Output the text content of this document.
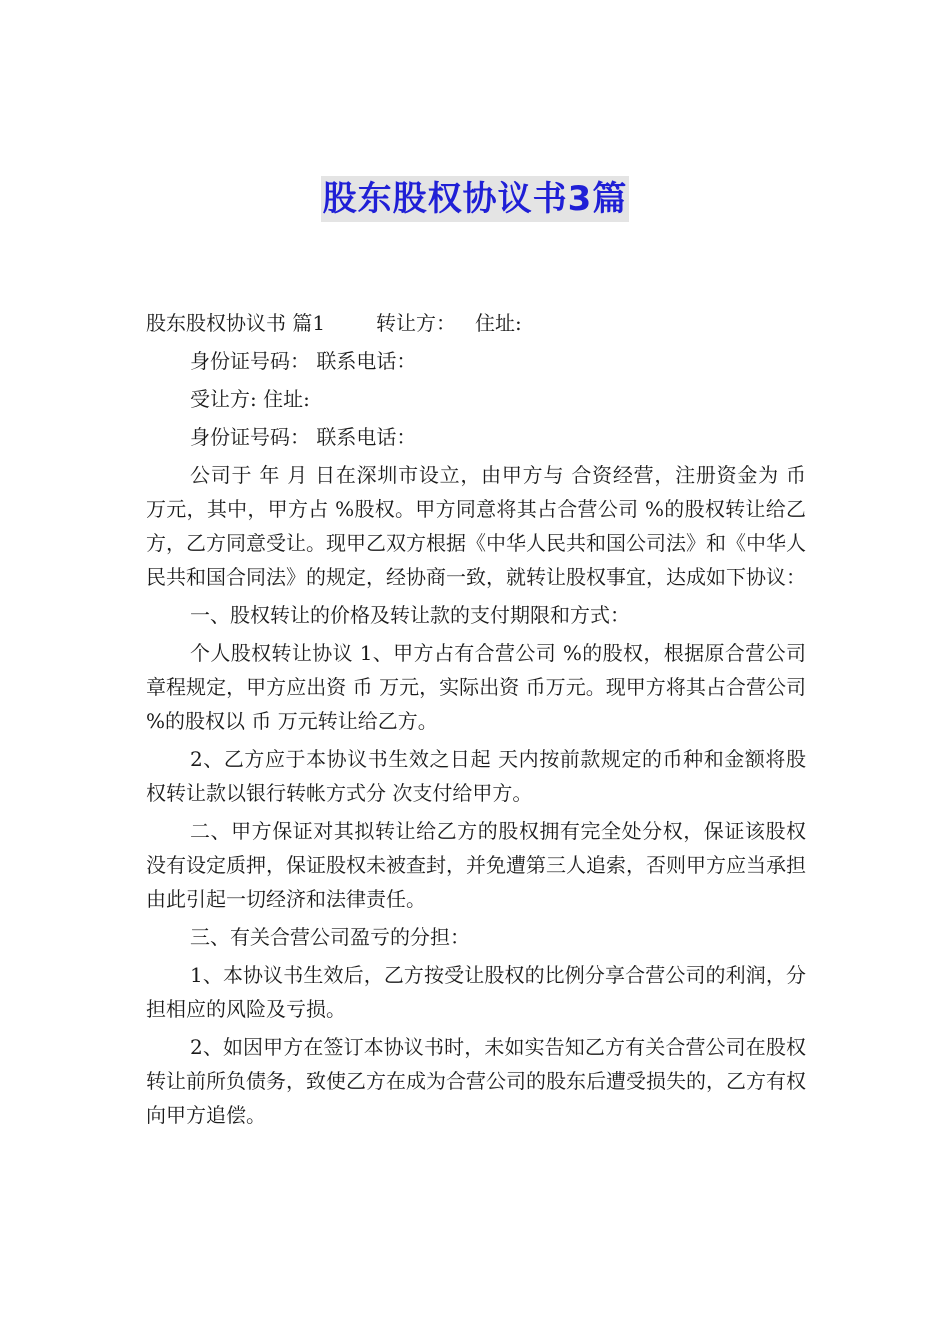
股东股权协议书3篇
股东股权协议书 篇1	转让方： 住址:
身份证号码： 联系电话：
受让方: 住址:
身份证号码： 联系电话：

公司于 年 月 日在深圳市设立，由甲方与 合资经营，注册资金为 币 万元，其中，甲方占 %股权。甲方同意将其占合营公司 %的股权转让给乙方，乙方同意受让。现甲乙双方根据《中华人民共和国公司法》和《中华人民共和国合同法》的规定，经协商一致，就转让股权事宜，达成如下协议：

一、股权转让的价格及转让款的支付期限和方式：

个人股权转让协议 1、甲方占有合营公司 %的股权，根据原合营公司章程规定，甲方应出资 币 万元，实际出资 币万元。现甲方将其占合营公司 %的股权以 币 万元转让给乙方。

2、乙方应于本协议书生效之日起 天内按前款规定的币种和金额将股权转让款以银行转帐方式分 次支付给甲方。

二、甲方保证对其拟转让给乙方的股权拥有完全处分权，保证该股权没有设定质押，保证股权未被查封，并免遭第三人追索，否则甲方应当承担由此引起一切经济和法律责任。

三、有关合营公司盈亏的分担：

1、本协议书生效后，乙方按受让股权的比例分享合营公司的利润，分担相应的风险及亏损。

2、如因甲方在签订本协议书时，未如实告知乙方有关合营公司在股权转让前所负债务，致使乙方在成为合营公司的股东后遭受损失的，乙方有权向甲方追偿。
